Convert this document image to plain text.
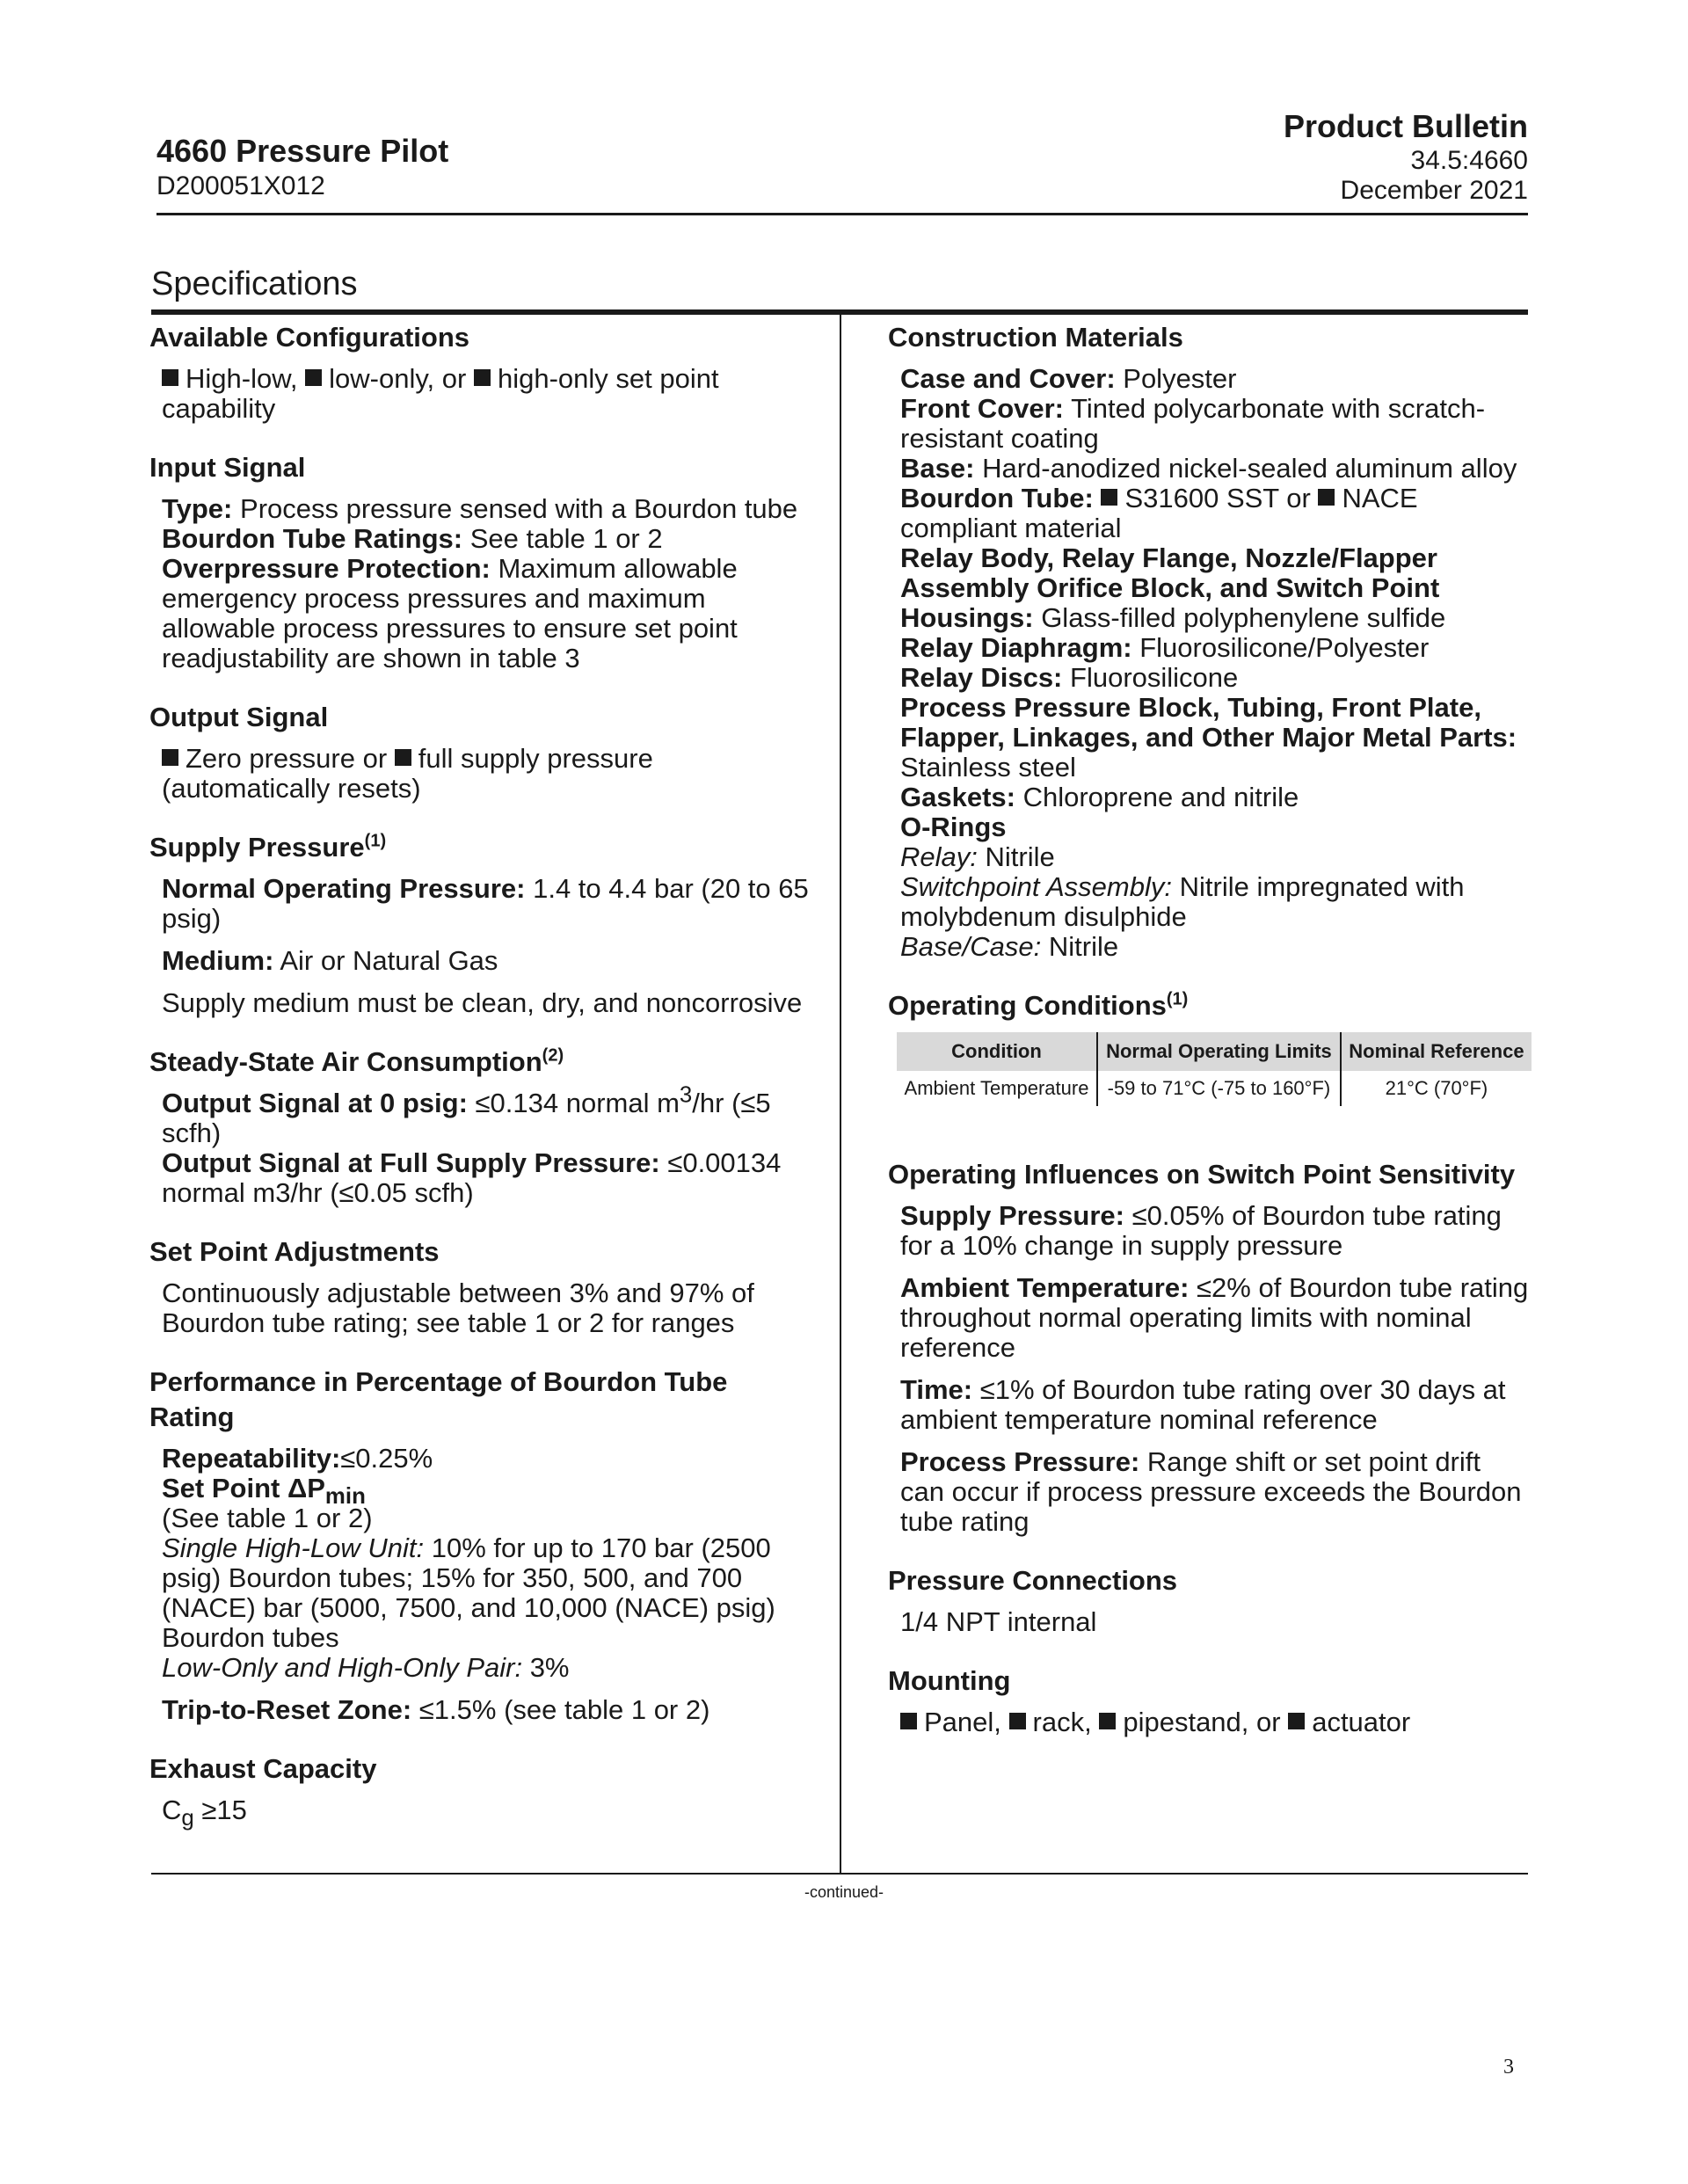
4660 Pressure Pilot
D200051X012
Product Bulletin
34.5:4660
December 2021
Specifications
Available Configurations
High-low, low-only, or high-only set point capability
Input Signal
Type: Process pressure sensed with a Bourdon tube
Bourdon Tube Ratings: See table 1 or 2
Overpressure Protection: Maximum allowable emergency process pressures and maximum allowable process pressures to ensure set point readjustability are shown in table 3
Output Signal
Zero pressure or full supply pressure (automatically resets)
Supply Pressure$^{(1)}$
Normal Operating Pressure: 1.4 to 4.4 bar (20 to 65 psig)
Medium: Air or Natural Gas
Supply medium must be clean, dry, and noncorrosive
Steady-State Air Consumption$^{(2)}$
Output Signal at 0 psig: ≤0.134 normal $m^3/hr$ (≤5 scfh)
Output Signal at Full Supply Pressure: ≤0.00134 normal m3/hr (≤0.05 scfh)
Set Point Adjustments
Continuously adjustable between 3% and 97% of Bourdon tube rating; see table 1 or 2 for ranges
Performance in Percentage of Bourdon Tube Rating
Repeatability:≤0.25%
Set Point $\Delta P_{min}$
(See table 1 or 2)
Single High-Low Unit: 10% for up to 170 bar (2500 psig) Bourdon tubes; 15% for 350, 500, and 700 (NACE) bar (5000, 7500, and 10,000 (NACE) psig) Bourdon tubes
Low-Only and High-Only Pair: 3%
Trip-to-Reset Zone: ≤1.5% (see table 1 or 2)
Exhaust Capacity
$C_g \ge 15$
Construction Materials
Case and Cover: Polyester
Front Cover: Tinted polycarbonate with scratch-resistant coating
Base: Hard-anodized nickel-sealed aluminum alloy
Bourdon Tube: S31600 SST or NACE compliant material
Relay Body, Relay Flange, Nozzle/Flapper Assembly Orifice Block, and Switch Point Housings: Glass-filled polyphenylene sulfide
Relay Diaphragm: Fluorosilicone/Polyester
Relay Discs: Fluorosilicone
Process Pressure Block, Tubing, Front Plate, Flapper, Linkages, and Other Major Metal Parts: Stainless steel
Gaskets: Chloroprene and nitrile
O-Rings
Relay: Nitrile
Switchpoint Assembly: Nitrile impregnated with molybdenum disulphide
Base/Case: Nitrile
Operating Conditions$^{(1)}$
Condition	Normal Operating Limits	Nominal Reference
Ambient Temperature	-59 to 71°C (-75 to 160°F)	21°C (70°F)
Operating Influences on Switch Point Sensitivity
Supply Pressure: ≤0.05% of Bourdon tube rating for a 10% change in supply pressure
Ambient Temperature: ≤2% of Bourdon tube rating throughout normal operating limits with nominal reference
Time: ≤1% of Bourdon tube rating over 30 days at ambient temperature nominal reference
Process Pressure: Range shift or set point drift can occur if process pressure exceeds the Bourdon tube rating
Pressure Connections
1/4 NPT internal
Mounting
Panel, rack, pipestand, or actuator
-continued-
3
